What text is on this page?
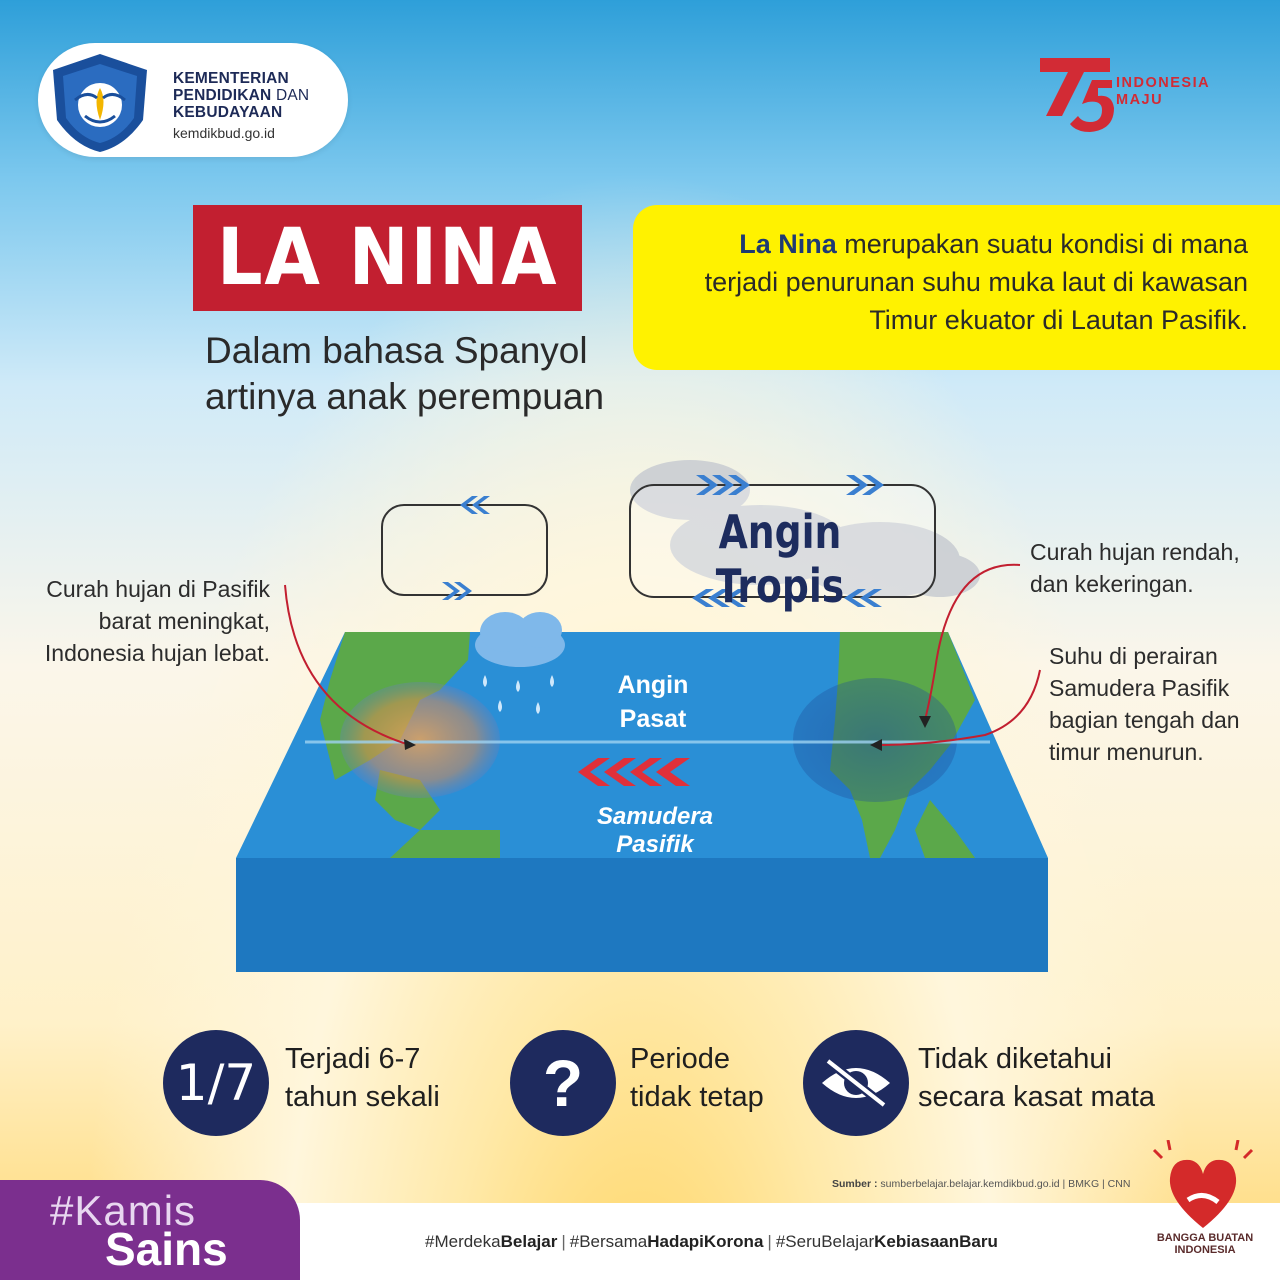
KEMENTERIAN
PENDIDIKAN DAN
KEBUDAYAAN
kemdikbud.go.id
INDONESIA
MAJU
LA NINA
Dalam bahasa Spanyol
artinya anak perempuan
La Nina merupakan suatu kondisi di mana
terjadi penurunan suhu muka laut di kawasan
Timur ekuator di Lautan Pasifik.
Angin Tropis
Angin
Pasat
Samudera Pasifik
Curah hujan di Pasifik
barat meningkat,
Indonesia hujan lebat.
Curah hujan rendah,
dan kekeringan.
Suhu di perairan
Samudera Pasifik
bagian tengah dan
timur menurun.
1/7 Terjadi 6-7
tahun sekali	?	Periode
tidak tetap
Tidak diketahui
secara kasat mata
Sumber : sumberbelajar.belajar.kemdikbud.go.id | BMKG | CNN
#Kamis
Sains	#MerdekaBelajar | #BersamaHadapiKorona | #SeruBelajarKebiasaanBaru	BANGGA BUATAN
INDONESIA
